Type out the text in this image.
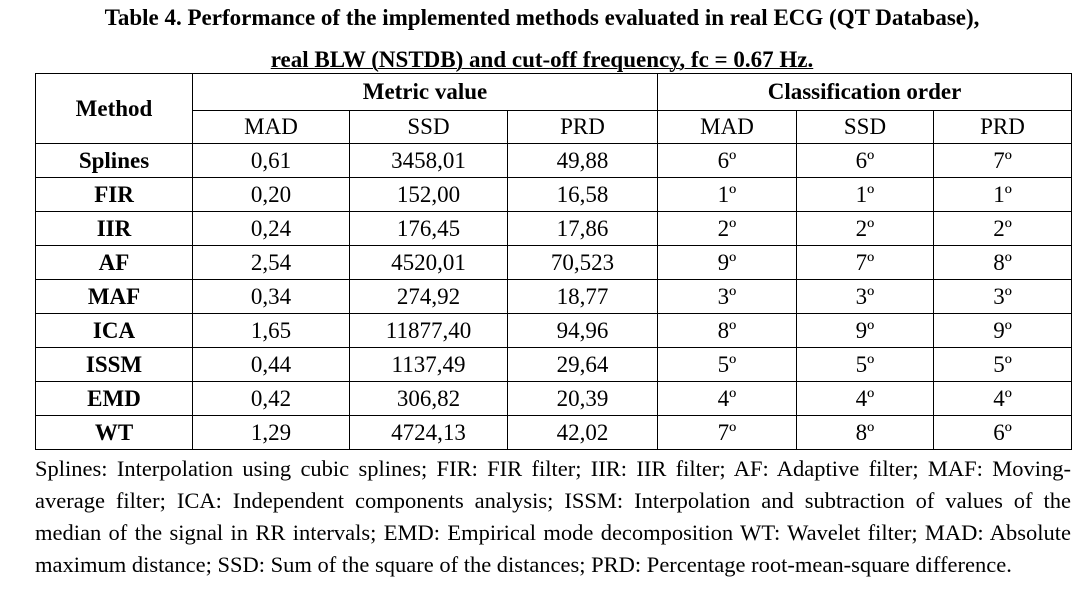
Table 4. Performance of the implemented methods evaluated in real ECG (QT Database),
real BLW (NSTDB) and cut-off frequency, fc = 0.67 Hz.
Method	Metric value			Classification order		
	MAD	SSD	PRD	MAD	SSD	PRD
Splines	0,61	3458,01	49,88	6º	6º	7º
FIR	0,20	152,00	16,58	1º	1º	1º
IIR	0,24	176,45	17,86	2º	2º	2º
AF	2,54	4520,01	70,523	9º	7º	8º
MAF	0,34	274,92	18,77	3º	3º	3º
ICA	1,65	11877,40	94,96	8º	9º	9º
ISSM	0,44	1137,49	29,64	5º	5º	5º
EMD	0,42	306,82	20,39	4º	4º	4º
WT	1,29	4724,13	42,02	7º	8º	6º
Splines: Interpolation using cubic splines; FIR: FIR filter; IIR: IIR filter; AF: Adaptive filter; MAF: Moving-average filter; ICA: Independent components analysis; ISSM: Interpolation and subtraction of values of the median of the signal in RR intervals; EMD: Empirical mode decomposition WT: Wavelet filter; MAD: Absolute maximum distance; SSD: Sum of the square of the distances; PRD: Percentage root-mean-square difference.
